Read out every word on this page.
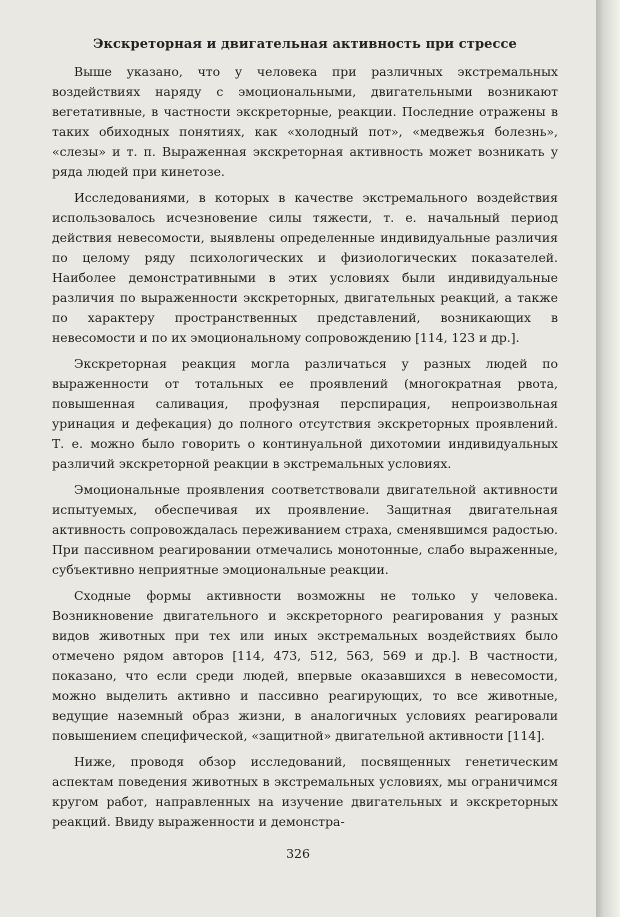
Экскреторная и двигательная активность при стрессе

Выше указано, что у человека при различных экстремальных воздействиях наряду с эмоциональными, двигательными возникают вегетативные, в частности экскреторные, реакции. Последние отражены в таких обиходных понятиях, как «холодный пот», «медвежья болезнь», «слезы» и т. п. Выраженная экскреторная активность может возникать у ряда людей при кинетозе.

Исследованиями, в которых в качестве экстремального воздействия использовалось исчезновение силы тяжести, т. е. начальный период действия невесомости, выявлены определенные индивидуальные различия по целому ряду психологических и физиологических показателей. Наиболее демонстративными в этих условиях были индивидуальные различия по выраженности экскреторных, двигательных реакций, а также по характеру пространственных представлений, возникающих в невесомости и по их эмоциональному сопровождению [114, 123 и др.].

Экскреторная реакция могла различаться у разных людей по выраженности от тотальных ее проявлений (многократная рвота, повышенная саливация, профузная перспирация, непроизвольная уринация и дефекация) до полного отсутствия экскреторных проявлений. Т. е. можно было говорить о континуальной дихотомии индивидуальных различий экскреторной реакции в экстремальных условиях.

Эмоциональные проявления соответствовали двигательной активности испытуемых, обеспечивая их проявление. Защитная двигательная активность сопровождалась переживанием страха, сменявшимся радостью. При пассивном реагировании отмечались монотонные, слабо выраженные, субъективно неприятные эмоциональные реакции.

Сходные формы активности возможны не только у человека. Возникновение двигательного и экскреторного реагирования у разных видов животных при тех или иных экстремальных воздействиях было отмечено рядом авторов [114, 473, 512, 563, 569 и др.]. В частности, показано, что если среди людей, впервые оказавшихся в невесомости, можно выделить активно и пассивно реагирующих, то все животные, ведущие наземный образ жизни, в аналогичных условиях реагировали повышением специфической, «защитной» двигательной активности [114].

Ниже, проводя обзор исследований, посвященных генетическим аспектам поведения животных в экстремальных условиях, мы ограничимся кругом работ, направленных на изучение двигательных и экскреторных реакций. Ввиду выраженности и демонстра-

326
